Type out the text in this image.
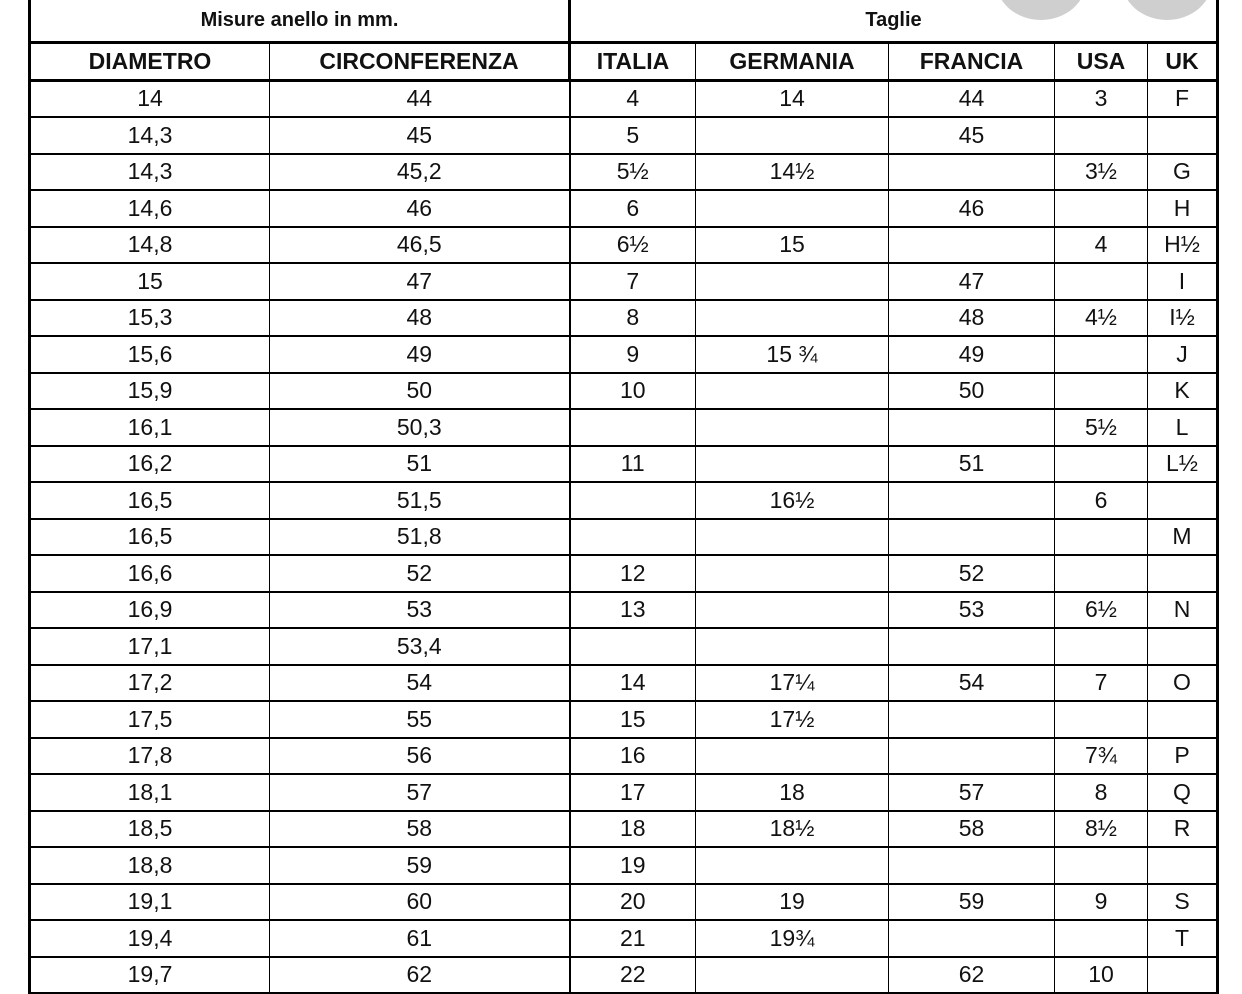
Misure anello in mm.		Taglie				
DIAMETRO	CIRCONFERENZA	ITALIA	GERMANIA	FRANCIA	USA	UK
14	44	4	14	44	3	F
14,3	45	5		45		
14,3	45,2	5½	14½		3½	G
14,6	46	6		46		H
14,8	46,5	6½	15		4	H½
15	47	7		47		I
15,3	48	8		48	4½	I½
15,6	49	9	15 ¾	49		J
15,9	50	10		50		K
16,1	50,3				5½	L
16,2	51	11		51		L½
16,5	51,5		16½		6	
16,5	51,8					M
16,6	52	12		52		
16,9	53	13		53	6½	N
17,1	53,4					
17,2	54	14	17¼	54	7	O
17,5	55	15	17½			
17,8	56	16			7¾	P
18,1	57	17	18	57	8	Q
18,5	58	18	18½	58	8½	R
18,8	59	19				
19,1	60	20	19	59	9	S
19,4	61	21	19¾			T
19,7	62	22		62	10	
